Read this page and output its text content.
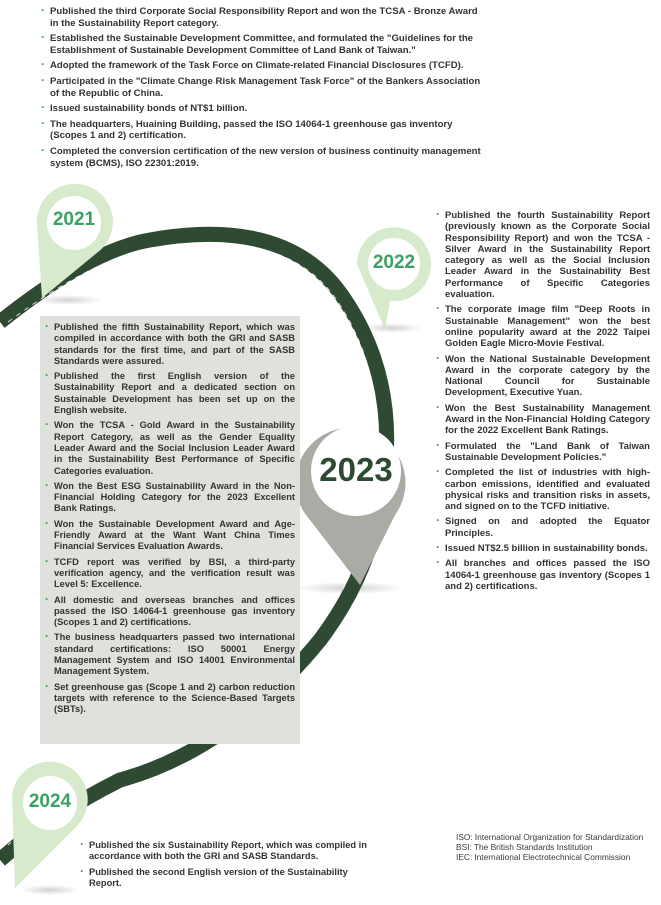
2021
2022
2023
2024
· Published the third Corporate Social Responsibility Report and won the TCSA - Bronze Award in the Sustainability Report category.
· Established the Sustainable Development Committee, and formulated the "Guidelines for the Establishment of Sustainable Development Committee of Land Bank of Taiwan."
· Adopted the framework of the Task Force on Climate-related Financial Disclosures (TCFD).
· Participated in the "Climate Change Risk Management Task Force" of the Bankers Association of the Republic of China.
· Issued sustainability bonds of NT$1 billion.
· The headquarters, Huaining Building, passed the ISO 14064-1 greenhouse gas inventory (Scopes 1 and 2) certification.
· Completed the conversion certification of the new version of business continuity management system (BCMS), ISO 22301:2019.
· Published the fourth Sustainability Report (previously known as the Corporate Social Responsibility Report) and won the TCSA - Silver Award in the Sustainability Report category as well as the Social Inclusion Leader Award in the Sustainability Best Performance of Specific Categories evaluation.
· The corporate image film "Deep Roots in Sustainable Management" won the best online popularity award at the 2022 Taipei Golden Eagle Micro-Movie Festival.
· Won the National Sustainable Development Award in the corporate category by the National Council for Sustainable Development, Executive Yuan.
· Won the Best Sustainability Management Award in the Non-Financial Holding Category for the 2022 Excellent Bank Ratings.
· Formulated the "Land Bank of Taiwan Sustainable Development Policies."
· Completed the list of industries with high-carbon emissions, identified and evaluated physical risks and transition risks in assets, and signed on to the TCFD initiative.
· Signed on and adopted the Equator Principles.
· Issued NT$2.5 billion in sustainability bonds.
· All branches and offices passed the ISO 14064-1 greenhouse gas inventory (Scopes 1 and 2) certifications.
· Published the fifth Sustainability Report, which was compiled in accordance with both the GRI and SASB standards for the first time, and part of the SASB Standards were assured.
· Published the first English version of the Sustainability Report and a dedicated section on Sustainable Development has been set up on the English website.
· Won the TCSA - Gold Award in the Sustainability Report Category, as well as the Gender Equality Leader Award and the Social Inclusion Leader Award in the Sustainability Best Performance of Specific Categories evaluation.
· Won the Best ESG Sustainability Award in the Non-Financial Holding Category for the 2023 Excellent Bank Ratings.
· Won the Sustainable Development Award and Age-Friendly Award at the Want Want China Times Financial Services Evaluation Awards.
· TCFD report was verified by BSI, a third-party verification agency, and the verification result was Level 5: Excellence.
· All domestic and overseas branches and offices passed the ISO 14064-1 greenhouse gas inventory (Scopes 1 and 2) certifications.
· The business headquarters passed two international standard certifications: ISO 50001 Energy Management System and ISO 14001 Environmental Management System.
· Set greenhouse gas (Scope 1 and 2) carbon reduction targets with reference to the Science-Based Targets (SBTs).
· Published the six Sustainability Report, which was compiled in accordance with both the GRI and SASB Standards.
· Published the second English version of the Sustainability Report.
ISO: International Organization for Standardization
BSI: The British Standards Institution
IEC: International Electrotechnical Commission
